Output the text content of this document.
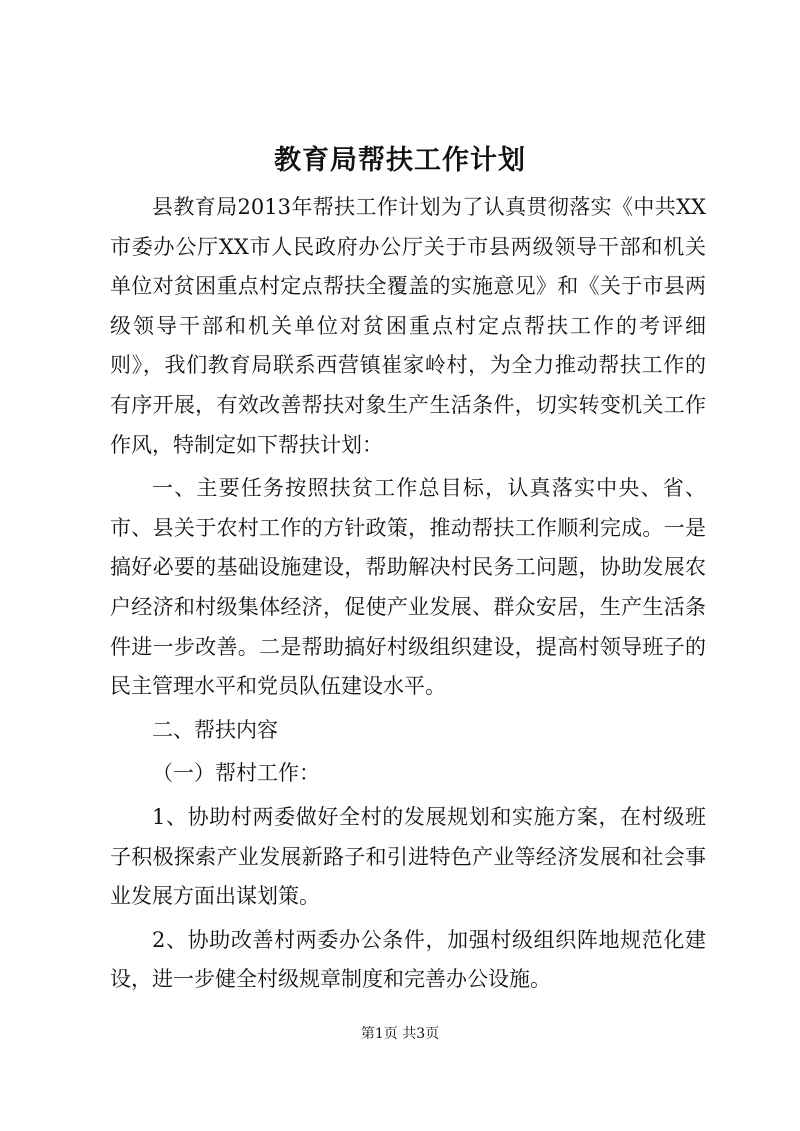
教育局帮扶工作计划

县教育局2013年帮扶工作计划为了认真贯彻落实《中共XX市委办公厅XX市人民政府办公厅关于市县两级领导干部和机关单位对贫困重点村定点帮扶全覆盖的实施意见》和《关于市县两级领导干部和机关单位对贫困重点村定点帮扶工作的考评细则》，我们教育局联系西营镇崔家岭村，为全力推动帮扶工作的有序开展，有效改善帮扶对象生产生活条件，切实转变机关工作作风，特制定如下帮扶计划：

一、主要任务按照扶贫工作总目标，认真落实中央、省、市、县关于农村工作的方针政策，推动帮扶工作顺利完成。一是搞好必要的基础设施建设，帮助解决村民务工问题，协助发展农户经济和村级集体经济，促使产业发展、群众安居，生产生活条件进一步改善。二是帮助搞好村级组织建设，提高村领导班子的民主管理水平和党员队伍建设水平。

二、帮扶内容

（一）帮村工作：

1、协助村两委做好全村的发展规划和实施方案，在村级班子积极探索产业发展新路子和引进特色产业等经济发展和社会事业发展方面出谋划策。

2、协助改善村两委办公条件，加强村级组织阵地规范化建设，进一步健全村级规章制度和完善办公设施。

第1页 共3页
